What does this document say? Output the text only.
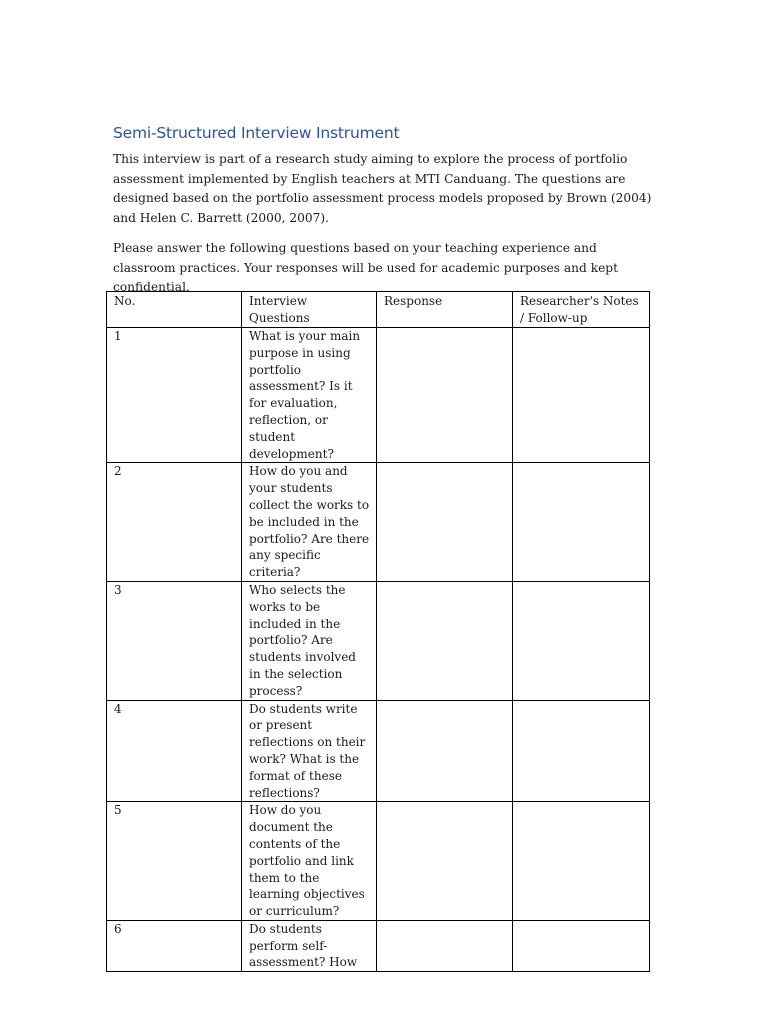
Semi-Structured Interview Instrument

This interview is part of a research study aiming to explore the process of portfolio assessment implemented by English teachers at MTI Canduang. The questions are designed based on the portfolio assessment process models proposed by Brown (2004) and Helen C. Barrett (2000, 2007).

Please answer the following questions based on your teaching experience and classroom practices. Your responses will be used for academic purposes and kept confidential.

No.	Interview Questions	Response	Researcher's Notes / Follow-up
1	What is your main purpose in using portfolio assessment? Is it for evaluation, reflection, or student development?		
2	How do you and your students collect the works to be included in the portfolio? Are there any specific criteria?		
3	Who selects the works to be included in the portfolio? Are students involved in the selection process?		
4	Do students write or present reflections on their work? What is the format of these reflections?		
5	How do you document the contents of the portfolio and link them to the learning objectives or curriculum?		
6	Do students perform self-assessment? How		
